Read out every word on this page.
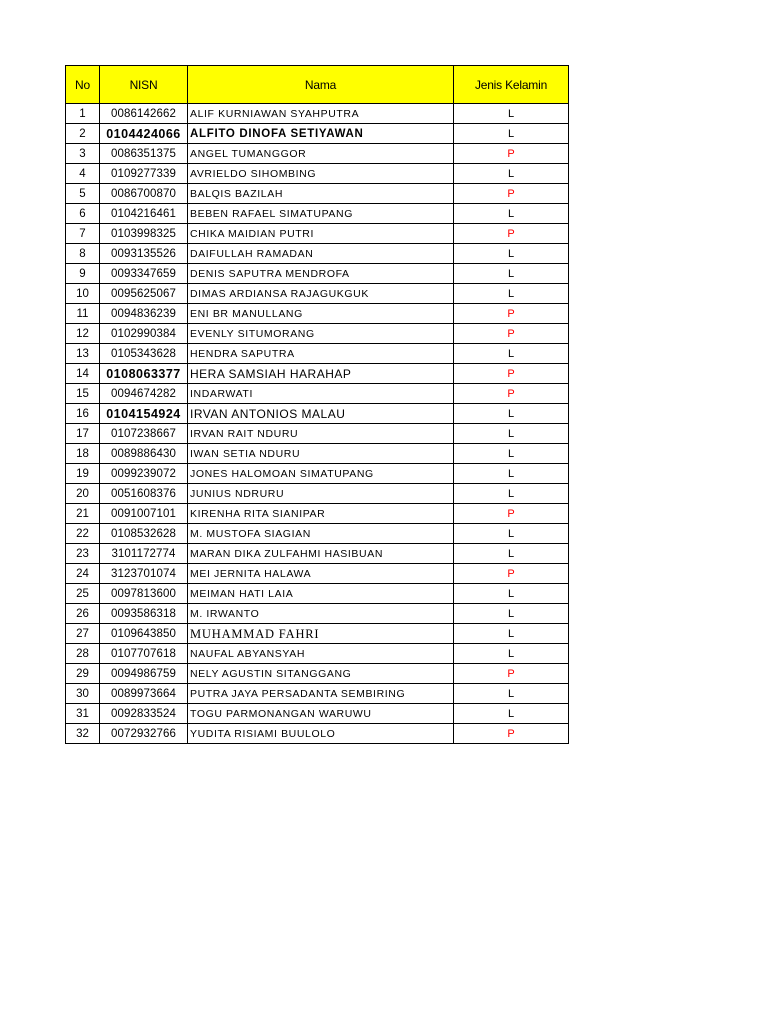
No	NISN	Nama	Jenis Kelamin
1	0086142662	ALIF KURNIAWAN SYAHPUTRA	L
2	0104424066	ALFITO DINOFA SETIYAWAN	L
3	0086351375	ANGEL TUMANGGOR	P
4	0109277339	AVRIELDO SIHOMBING	L
5	0086700870	BALQIS BAZILAH	P
6	0104216461	BEBEN RAFAEL SIMATUPANG	L
7	0103998325	CHIKA MAIDIAN PUTRI	P
8	0093135526	DAIFULLAH RAMADAN	L
9	0093347659	DENIS SAPUTRA MENDROFA	L
10	0095625067	DIMAS ARDIANSA RAJAGUKGUK	L
11	0094836239	ENI BR MANULLANG	P
12	0102990384	EVENLY SITUMORANG	P
13	0105343628	HENDRA SAPUTRA	L
14	0108063377	HERA SAMSIAH HARAHAP	P
15	0094674282	INDARWATI	P
16	0104154924	IRVAN ANTONIOS MALAU	L
17	0107238667	IRVAN RAIT NDURU	L
18	0089886430	IWAN SETIA NDURU	L
19	0099239072	JONES HALOMOAN SIMATUPANG	L
20	0051608376	JUNIUS NDRURU	L
21	0091007101	KIRENHA RITA SIANIPAR	P
22	0108532628	M. MUSTOFA SIAGIAN	L
23	3101172774	MARAN DIKA ZULFAHMI HASIBUAN	L
24	3123701074	MEI JERNITA HALAWA	P
25	0097813600	MEIMAN HATI LAIA	L
26	0093586318	M. IRWANTO	L
27	0109643850	MUHAMMAD FAHRI	L
28	0107707618	NAUFAL ABYANSYAH	L
29	0094986759	NELY AGUSTIN SITANGGANG	P
30	0089973664	PUTRA JAYA PERSADANTA SEMBIRING	L
31	0092833524	TOGU PARMONANGAN WARUWU	L
32	0072932766	YUDITA RISIAMI BUULOLO	P
